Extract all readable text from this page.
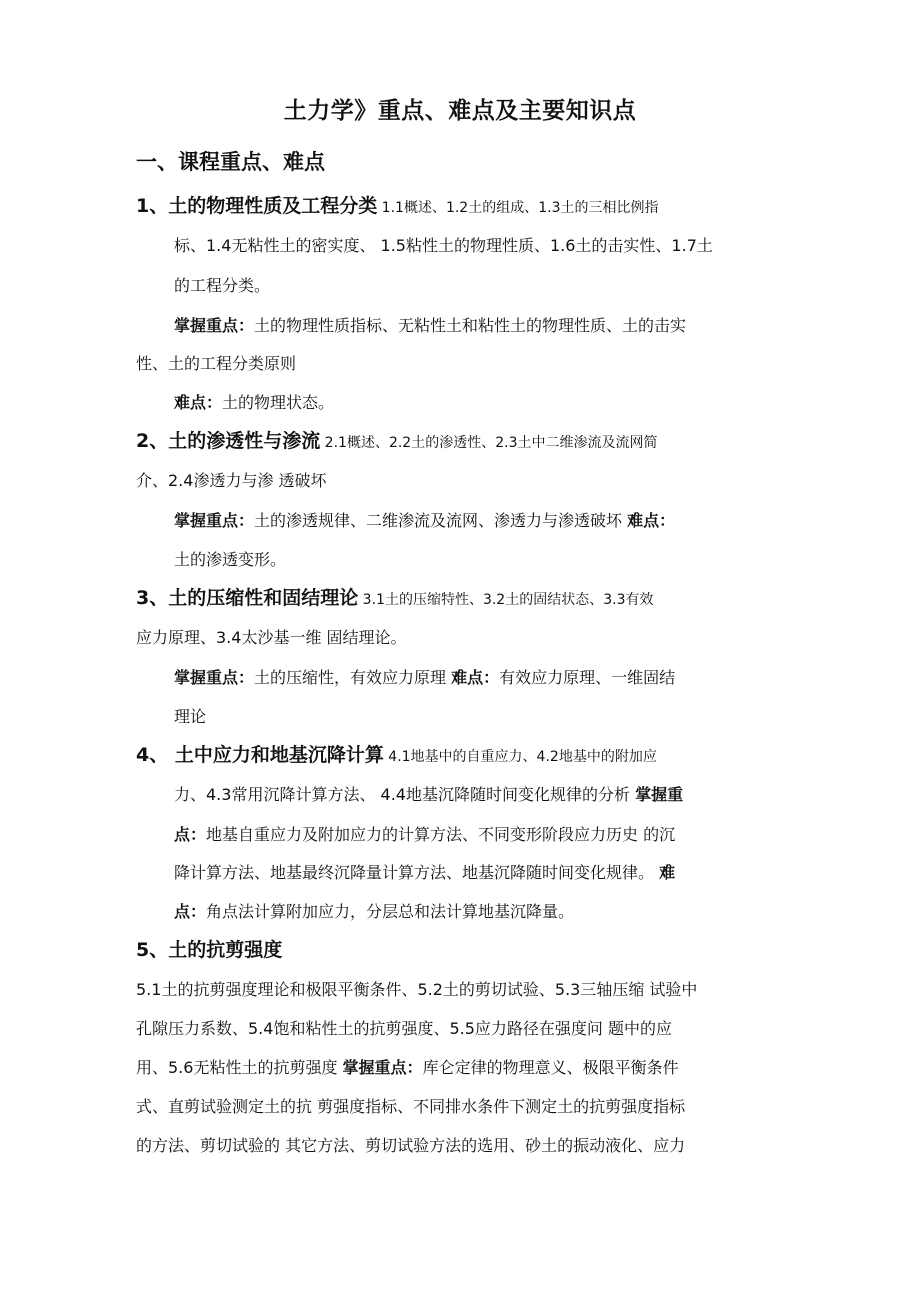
土力学》重点、难点及主要知识点
一、课程重点、难点
1、土的物理性质及工程分类 1.1概述、1.2土的组成、1.3土的三相比例指
标、1.4无粘性土的密实度、 1.5粘性土的物理性质、1.6土的击实性、1.7土
的工程分类。
掌握重点：土的物理性质指标、无粘性土和粘性土的物理性质、土的击实
性、土的工程分类原则
难点：土的物理状态。
2、土的渗透性与渗流 2.1概述、2.2土的渗透性、2.3土中二维渗流及流网简
介、2.4渗透力与渗 透破坏
掌握重点：土的渗透规律、二维渗流及流网、渗透力与渗透破坏 难点：
土的渗透变形。
3、土的压缩性和固结理论 3.1土的压缩特性、3.2土的固结状态、3.3有效
应力原理、3.4太沙基一维 固结理论。
掌握重点：土的压缩性，有效应力原理 难点：有效应力原理、一维固结
理论
4、 土中应力和地基沉降计算 4.1地基中的自重应力、4.2地基中的附加应
力、4.3常用沉降计算方法、 4.4地基沉降随时间变化规律的分析 掌握重
点：地基自重应力及附加应力的计算方法、不同变形阶段应力历史 的沉
降计算方法、地基最终沉降量计算方法、地基沉降随时间变化规律。 难
点：角点法计算附加应力，分层总和法计算地基沉降量。
5、土的抗剪强度
5.1土的抗剪强度理论和极限平衡条件、5.2土的剪切试验、5.3三轴压缩 试验中
孔隙压力系数、5.4饱和粘性土的抗剪强度、5.5应力路径在强度问 题中的应
用、5.6无粘性土的抗剪强度 掌握重点：库仑定律的物理意义、极限平衡条件
式、直剪试验测定土的抗 剪强度指标、不同排水条件下测定土的抗剪强度指标
的方法、剪切试验的 其它方法、剪切试验方法的选用、砂土的振动液化、应力
